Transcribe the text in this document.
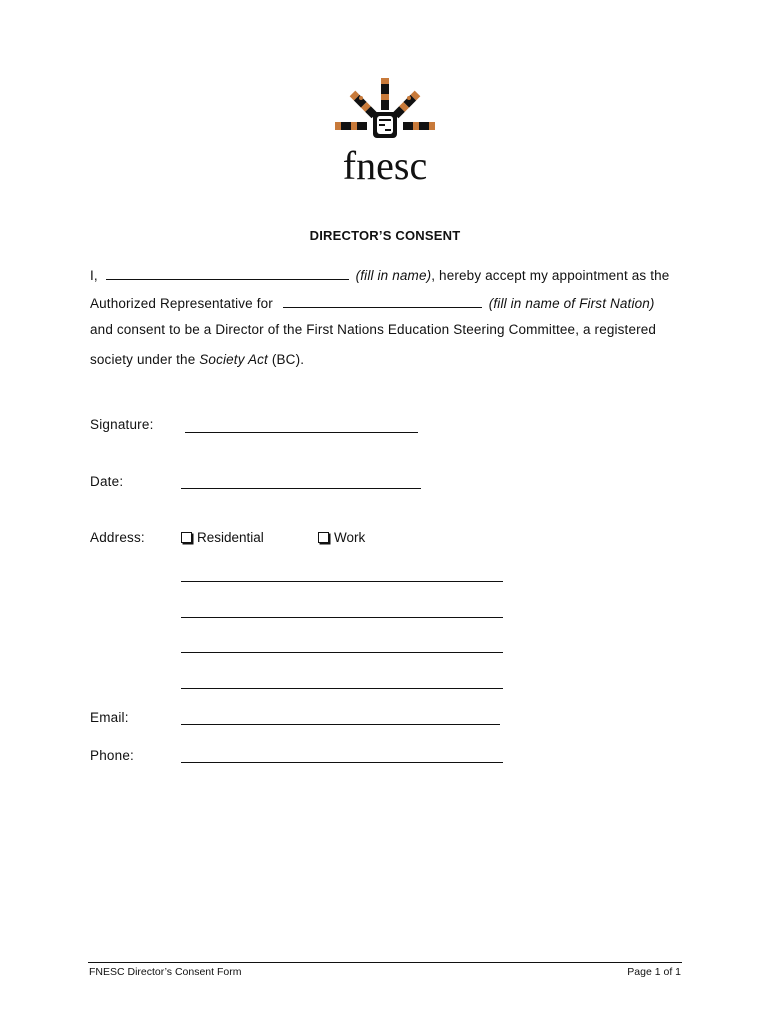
fnesc
DIRECTOR’S CONSENT
I,	(fill in name), hereby accept my appointment as the
Authorized Representative for	(fill in name of First Nation)
and consent to be a Director of the First Nations Education Steering Committee, a registered
society under the Society Act (BC).
Signature:
Date:
Address:	Residential	Work
Email:
Phone:
FNESC Director’s Consent Form	Page 1 of 1
